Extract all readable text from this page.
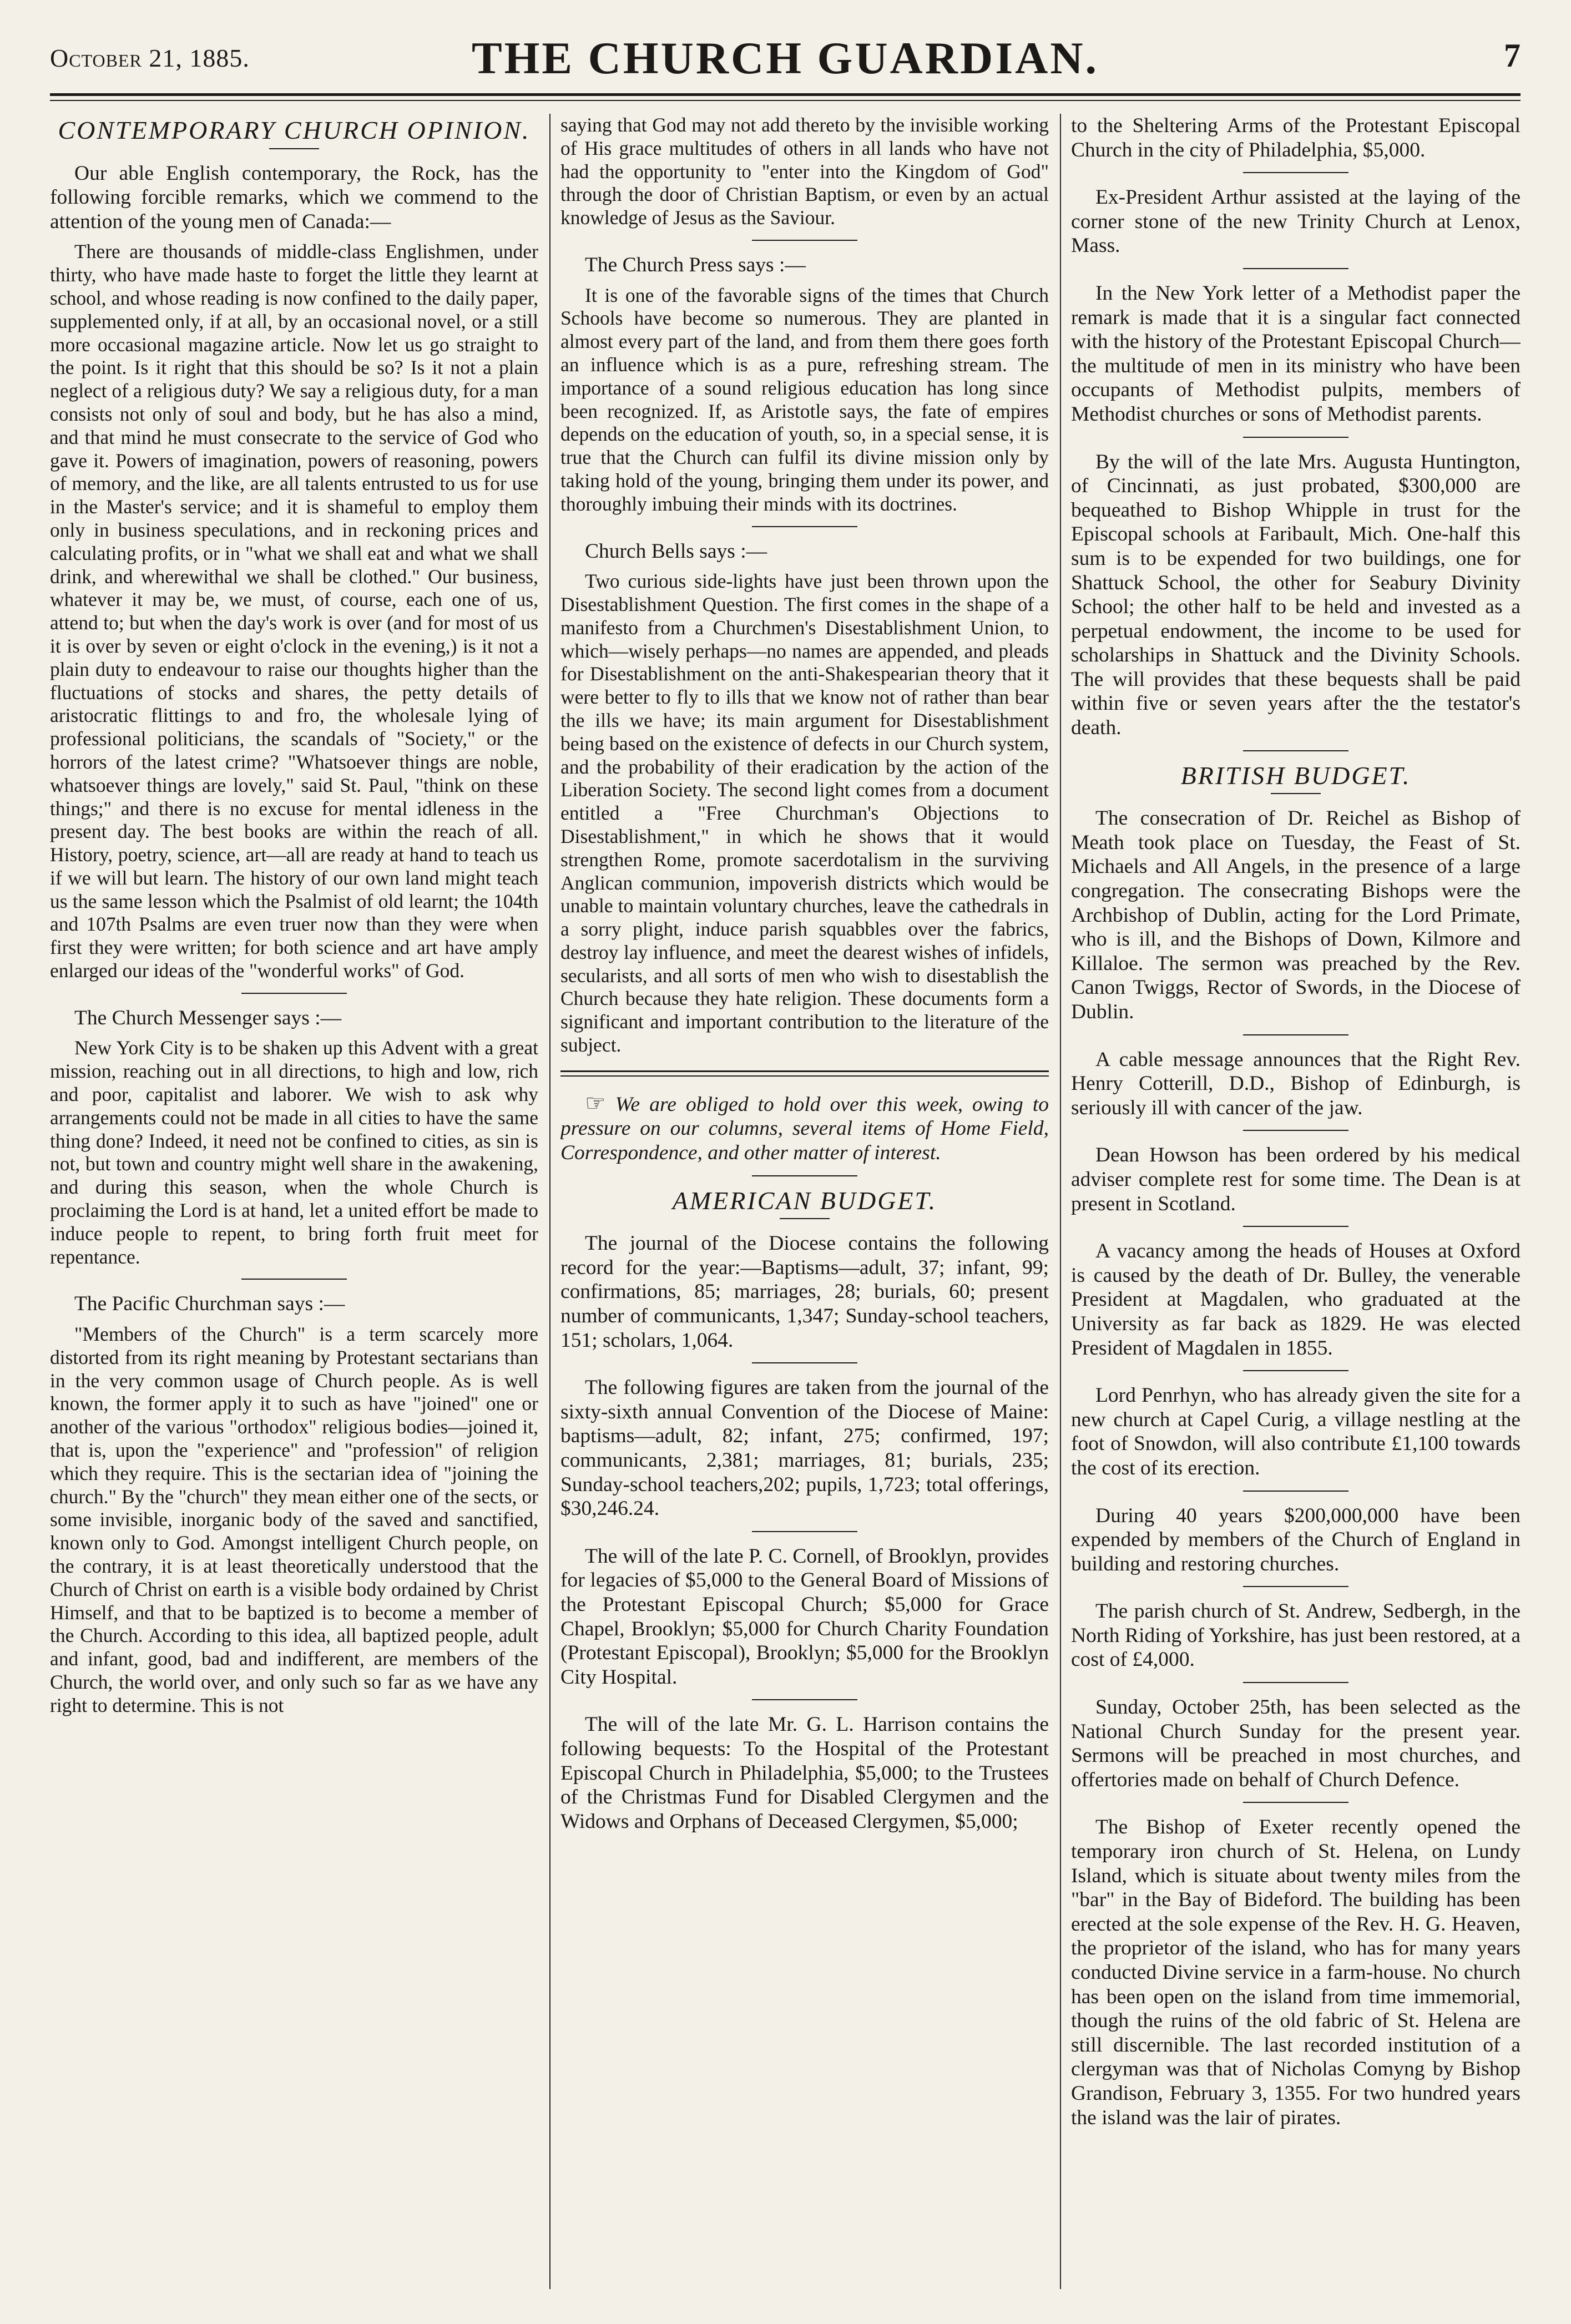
October 21, 1885.	THE CHURCH GUARDIAN.	7
CONTEMPORARY CHURCH OPINION.

Our able English contemporary, the Rock, has the following forcible remarks, which we commend to the attention of the young men of Canada:—

There are thousands of middle-class Englishmen, under thirty, who have made haste to forget the little they learnt at school, and whose reading is now confined to the daily paper, supplemented only, if at all, by an occasional novel, or a still more occasional magazine article. Now let us go straight to the point. Is it right that this should be so? Is it not a plain neglect of a religious duty? We say a religious duty, for a man consists not only of soul and body, but he has also a mind, and that mind he must consecrate to the service of God who gave it. Powers of imagination, powers of reasoning, powers of memory, and the like, are all talents entrusted to us for use in the Master's service; and it is shameful to employ them only in business speculations, and in reckoning prices and calculating profits, or in "what we shall eat and what we shall drink, and wherewithal we shall be clothed." Our business, whatever it may be, we must, of course, each one of us, attend to; but when the day's work is over (and for most of us it is over by seven or eight o'clock in the evening,) is it not a plain duty to endeavour to raise our thoughts higher than the fluctuations of stocks and shares, the petty details of aristocratic flittings to and fro, the wholesale lying of professional politicians, the scandals of "Society," or the horrors of the latest crime? "Whatsoever things are noble, whatsoever things are lovely," said St. Paul, "think on these things;" and there is no excuse for mental idleness in the present day. The best books are within the reach of all. History, poetry, science, art—all are ready at hand to teach us if we will but learn. The history of our own land might teach us the same lesson which the Psalmist of old learnt; the 104th and 107th Psalms are even truer now than they were when first they were written; for both science and art have amply enlarged our ideas of the "wonderful works" of God.

The Church Messenger says :—

New York City is to be shaken up this Advent with a great mission, reaching out in all directions, to high and low, rich and poor, capitalist and laborer. We wish to ask why arrangements could not be made in all cities to have the same thing done? Indeed, it need not be confined to cities, as sin is not, but town and country might well share in the awakening, and during this season, when the whole Church is proclaiming the Lord is at hand, let a united effort be made to induce people to repent, to bring forth fruit meet for repentance.

The Pacific Churchman says :—

"Members of the Church" is a term scarcely more distorted from its right meaning by Protestant sectarians than in the very common usage of Church people. As is well known, the former apply it to such as have "joined" one or another of the various "orthodox" religious bodies—joined it, that is, upon the "experience" and "profession" of religion which they require. This is the sectarian idea of "joining the church." By the "church" they mean either one of the sects, or some invisible, inorganic body of the saved and sanctified, known only to God. Amongst intelligent Church people, on the contrary, it is at least theoretically understood that the Church of Christ on earth is a visible body ordained by Christ Himself, and that to be baptized is to become a member of the Church. According to this idea, all baptized people, adult and infant, good, bad and indifferent, are members of the Church, the world over, and only such so far as we have any right to determine. This is not

saying that God may not add thereto by the invisible working of His grace multitudes of others in all lands who have not had the opportunity to "enter into the Kingdom of God" through the door of Christian Baptism, or even by an actual knowledge of Jesus as the Saviour.

The Church Press says :—

It is one of the favorable signs of the times that Church Schools have become so numerous. They are planted in almost every part of the land, and from them there goes forth an influence which is as a pure, refreshing stream. The importance of a sound religious education has long since been recognized. If, as Aristotle says, the fate of empires depends on the education of youth, so, in a special sense, it is true that the Church can fulfil its divine mission only by taking hold of the young, bringing them under its power, and thoroughly imbuing their minds with its doctrines.

Church Bells says :—

Two curious side-lights have just been thrown upon the Disestablishment Question. The first comes in the shape of a manifesto from a Churchmen's Disestablishment Union, to which—wisely perhaps—no names are appended, and pleads for Disestablishment on the anti-Shakespearian theory that it were better to fly to ills that we know not of rather than bear the ills we have; its main argument for Disestablishment being based on the existence of defects in our Church system, and the probability of their eradication by the action of the Liberation Society. The second light comes from a document entitled a "Free Churchman's Objections to Disestablishment," in which he shows that it would strengthen Rome, promote sacerdotalism in the surviving Anglican communion, impoverish districts which would be unable to maintain voluntary churches, leave the cathedrals in a sorry plight, induce parish squabbles over the fabrics, destroy lay influence, and meet the dearest wishes of infidels, secularists, and all sorts of men who wish to disestablish the Church because they hate religion. These documents form a significant and important contribution to the literature of the subject.

☞ We are obliged to hold over this week, owing to pressure on our columns, several items of Home Field, Correspondence, and other matter of interest.

AMERICAN BUDGET.

The journal of the Diocese contains the following record for the year:—Baptisms—adult, 37; infant, 99; confirmations, 85; marriages, 28; burials, 60; present number of communicants, 1,347; Sunday-school teachers, 151; scholars, 1,064.

The following figures are taken from the journal of the sixty-sixth annual Convention of the Diocese of Maine: baptisms—adult, 82; infant, 275; confirmed, 197; communicants, 2,381; marriages, 81; burials, 235; Sunday-school teachers,202; pupils, 1,723; total offerings, $30,246.24.

The will of the late P. C. Cornell, of Brooklyn, provides for legacies of $5,000 to the General Board of Missions of the Protestant Episcopal Church; $5,000 for Grace Chapel, Brooklyn; $5,000 for Church Charity Foundation (Protestant Episcopal), Brooklyn; $5,000 for the Brooklyn City Hospital.

The will of the late Mr. G. L. Harrison contains the following bequests: To the Hospital of the Protestant Episcopal Church in Philadelphia, $5,000; to the Trustees of the Christmas Fund for Disabled Clergymen and the Widows and Orphans of Deceased Clergymen, $5,000;

to the Sheltering Arms of the Protestant Episcopal Church in the city of Philadelphia, $5,000.

Ex-President Arthur assisted at the laying of the corner stone of the new Trinity Church at Lenox, Mass.

In the New York letter of a Methodist paper the remark is made that it is a singular fact connected with the history of the Protestant Episcopal Church—the multitude of men in its ministry who have been occupants of Methodist pulpits, members of Methodist churches or sons of Methodist parents.

By the will of the late Mrs. Augusta Huntington, of Cincinnati, as just probated, $300,000 are bequeathed to Bishop Whipple in trust for the Episcopal schools at Faribault, Mich. One-half this sum is to be expended for two buildings, one for Shattuck School, the other for Seabury Divinity School; the other half to be held and invested as a perpetual endowment, the income to be used for scholarships in Shattuck and the Divinity Schools. The will provides that these bequests shall be paid within five or seven years after the the testator's death.

BRITISH BUDGET.

The consecration of Dr. Reichel as Bishop of Meath took place on Tuesday, the Feast of St. Michaels and All Angels, in the presence of a large congregation. The consecrating Bishops were the Archbishop of Dublin, acting for the Lord Primate, who is ill, and the Bishops of Down, Kilmore and Killaloe. The sermon was preached by the Rev. Canon Twiggs, Rector of Swords, in the Diocese of Dublin.

A cable message announces that the Right Rev. Henry Cotterill, D.D., Bishop of Edinburgh, is seriously ill with cancer of the jaw.

Dean Howson has been ordered by his medical adviser complete rest for some time. The Dean is at present in Scotland.

A vacancy among the heads of Houses at Oxford is caused by the death of Dr. Bulley, the venerable President at Magdalen, who graduated at the University as far back as 1829. He was elected President of Magdalen in 1855.

Lord Penrhyn, who has already given the site for a new church at Capel Curig, a village nestling at the foot of Snowdon, will also contribute £1,100 towards the cost of its erection.

During 40 years $200,000,000 have been expended by members of the Church of England in building and restoring churches.

The parish church of St. Andrew, Sedbergh, in the North Riding of Yorkshire, has just been restored, at a cost of £4,000.

Sunday, October 25th, has been selected as the National Church Sunday for the present year. Sermons will be preached in most churches, and offertories made on behalf of Church Defence.

The Bishop of Exeter recently opened the temporary iron church of St. Helena, on Lundy Island, which is situate about twenty miles from the "bar" in the Bay of Bideford. The building has been erected at the sole expense of the Rev. H. G. Heaven, the proprietor of the island, who has for many years conducted Divine service in a farm-house. No church has been open on the island from time immemorial, though the ruins of the old fabric of St. Helena are still discernible. The last recorded institution of a clergyman was that of Nicholas Comyng by Bishop Grandison, February 3, 1355. For two hundred years the island was the lair of pirates.
